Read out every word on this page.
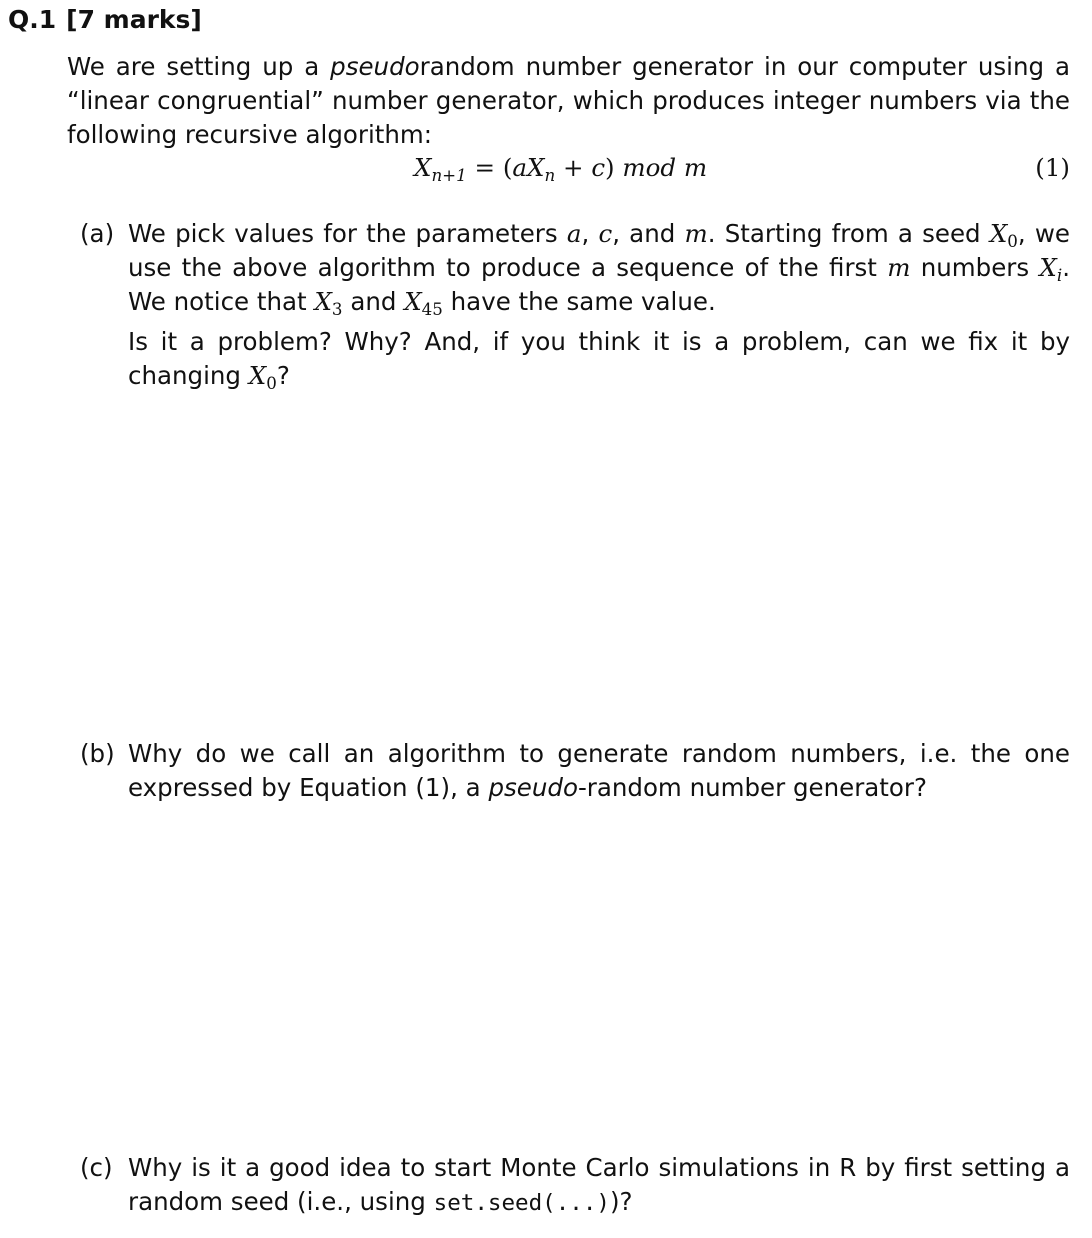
Q.1 [7 marks]
We are setting up a pseudorandom number generator in our computer using a “linear congruential” number generator, which produces integer numbers via the following recursive algorithm:
$X_{n+1} = (aX_n + c)$ mod m	(1)
(a) We pick values for the parameters a, c, and m. Starting from a seed $X_0$, we use the above algorithm to produce a sequence of the first m numbers $X_i$. We notice that $X_3$ and $X_{45}$ have the same value.

Is it a problem? Why? And, if you think it is a problem, can we fix it by changing $X_0$?

(b) Why do we call an algorithm to generate random numbers, i.e. the one expressed by Equation (1), a pseudo-random number generator?
(c) Why is it a good idea to start Monte Carlo simulations in R by first setting a random seed (i.e., using set.seed(...))?
